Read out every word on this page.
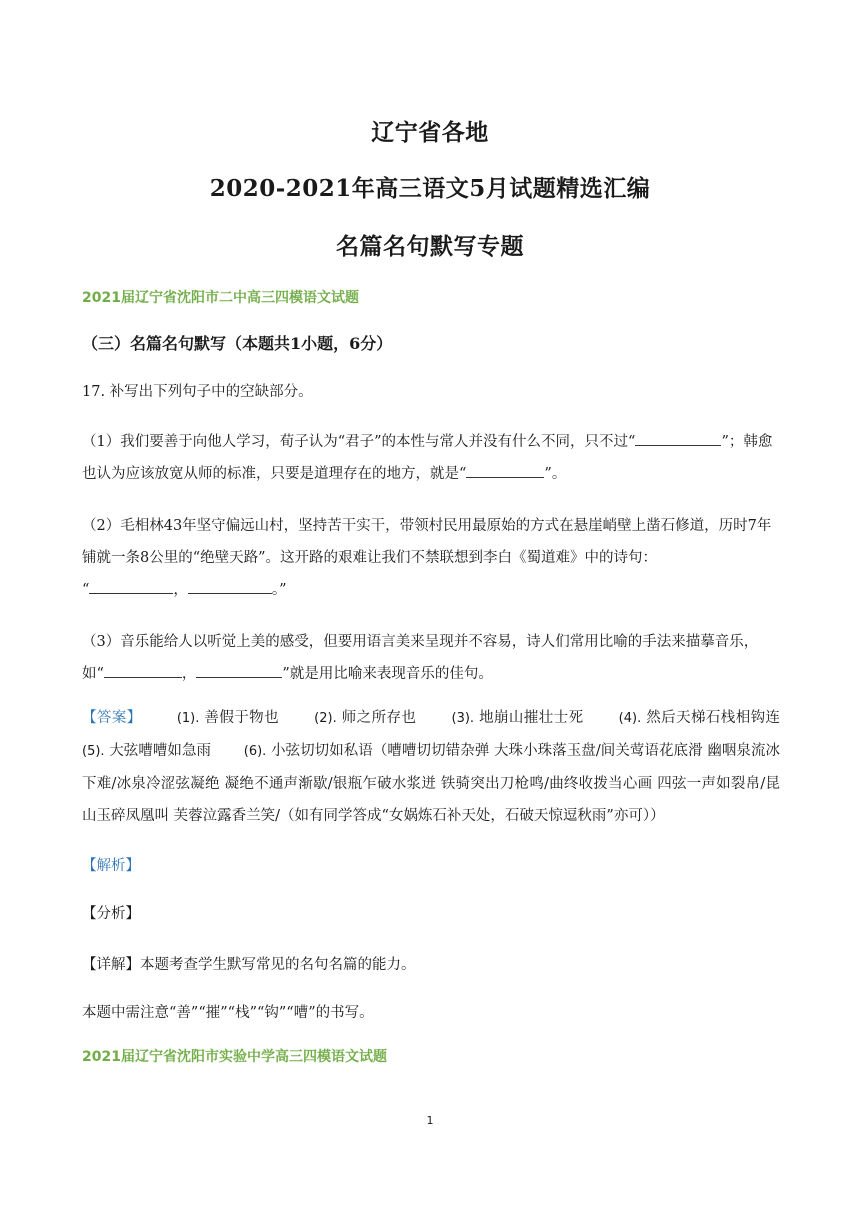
辽宁省各地
2020-2021年高三语文5月试题精选汇编
名篇名句默写专题
2021届辽宁省沈阳市二中高三四模语文试题
（三）名篇名句默写（本题共1小题，6分）
17. 补写出下列句子中的空缺部分。
（1）我们要善于向他人学习，荀子认为“君子”的本性与常人并没有什么不同，只不过“	”；韩愈也认为应该放宽从师的标准，只要是道理存在的地方，就是“	”。
（2）毛相林43年坚守偏远山村，坚持苦干实干，带领村民用最原始的方式在悬崖峭壁上凿石修道，历时7年铺就一条8公里的“绝壁天路”。这开路的艰难让我们不禁联想到李白《蜀道难》中的诗句：
“	，	。”
（3）音乐能给人以听觉上美的感受，但要用语言美来呈现并不容易，诗人们常用比喻的手法来描摹音乐，如“	，	”就是用比喻来表现音乐的佳句。
【答案】	(1). 善假于物也	(2). 师之所存也	(3). 地崩山摧壮士死	(4). 然后天梯石栈相钩连 (5). 大弦嘈嘈如急雨	(6). 小弦切切如私语（嘈嘈切切错杂弹 大珠小珠落玉盘/间关莺语花底滑 幽咽泉流冰下难/冰泉冷涩弦凝绝 凝绝不通声渐歇/银瓶乍破水浆迸 铁骑突出刀枪鸣/曲终收拨当心画 四弦一声如裂帛/昆山玉碎凤凰叫 芙蓉泣露香兰笑/（如有同学答成“女娲炼石补天处，石破天惊逗秋雨”亦可））
【解析】
【分析】
【详解】本题考查学生默写常见的名句名篇的能力。
本题中需注意“善”“摧”“栈”“钩”“嘈”的书写。
2021届辽宁省沈阳市实验中学高三四模语文试题
1
